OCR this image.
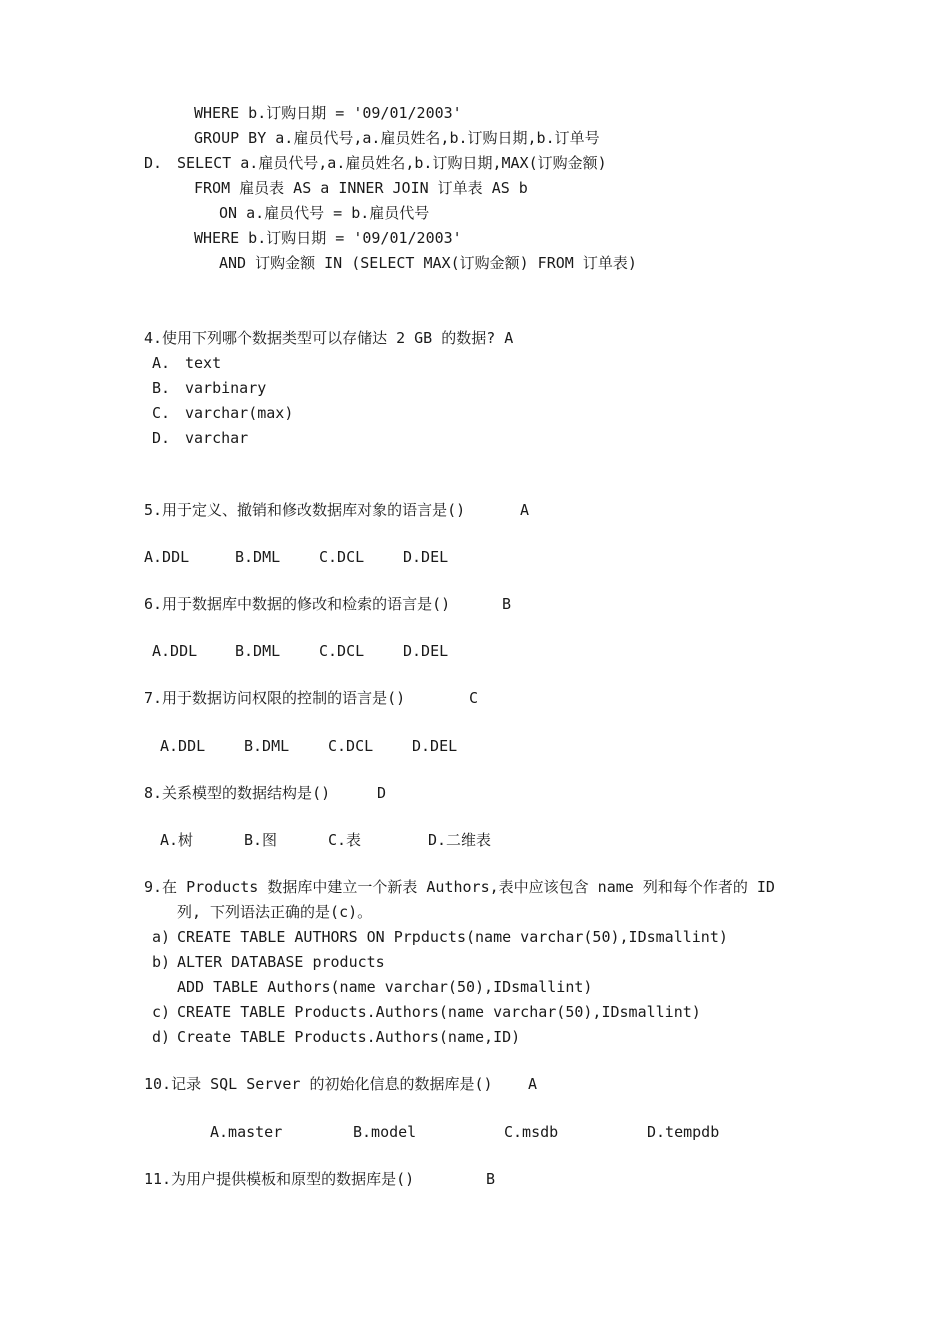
WHERE b.订购日期 = '09/01/2003'
GROUP BY a.雇员代号,a.雇员姓名,b.订购日期,b.订单号
D. SELECT a.雇员代号,a.雇员姓名,b.订购日期,MAX(订购金额)
FROM 雇员表 AS a INNER JOIN 订单表 AS b
ON a.雇员代号 = b.雇员代号
WHERE b.订购日期 = '09/01/2003'
AND 订购金额 IN (SELECT MAX(订购金额) FROM 订单表)
4.使用下列哪个数据类型可以存储达 2 GB 的数据? A
A. text
B. varbinary
C. varchar(max)
D. varchar
5.用于定义、撤销和修改数据库对象的语言是()	A
A.DDL	B.DML	C.DCL	D.DEL
6.用于数据库中数据的修改和检索的语言是()	B
A.DDL	B.DML	C.DCL	D.DEL
7.用于数据访问权限的控制的语言是()	C
A.DDL	B.DML	C.DCL	D.DEL
8.关系模型的数据结构是()	D
A.树	B.图	C.表	D.二维表
9.在 Products 数据库中建立一个新表 Authors,表中应该包含 name 列和每个作者的 ID
列, 下列语法正确的是(c)。
a) CREATE TABLE AUTHORS ON Prpducts(name varchar(50),IDsmallint)
b) ALTER DATABASE products
ADD TABLE Authors(name varchar(50),IDsmallint)
c) CREATE TABLE Products.Authors(name varchar(50),IDsmallint)
d) Create TABLE Products.Authors(name,ID)
10.记录 SQL Server 的初始化信息的数据库是() A
A.master	B.model	C.msdb	D.tempdb
11.为用户提供模板和原型的数据库是()	B
